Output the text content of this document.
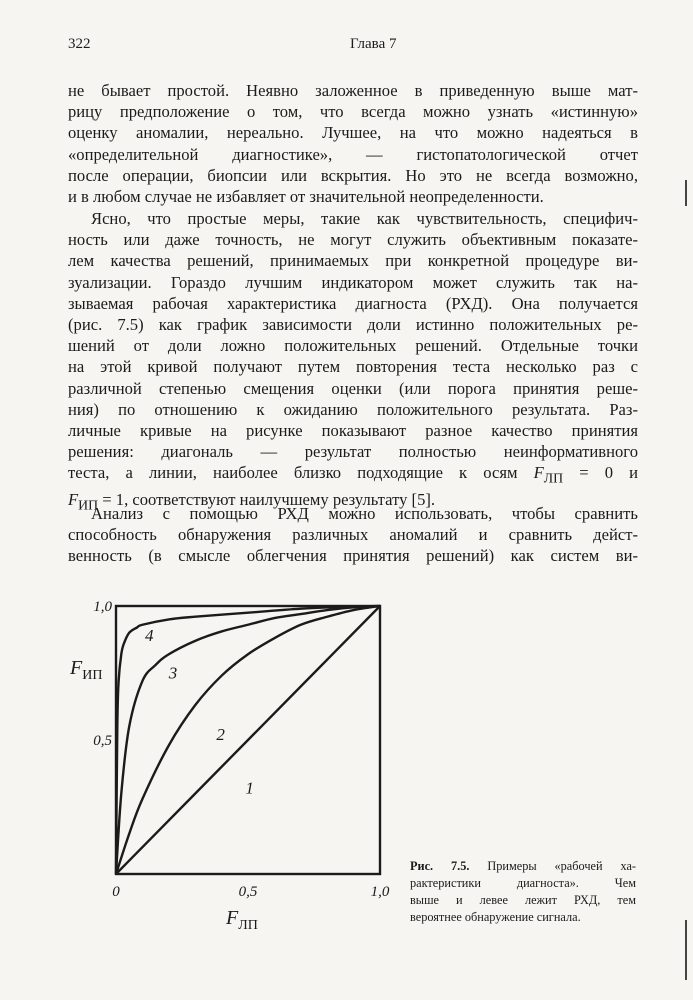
322	Глава 7
не бывает простой. Неявно заложенное в приведенную выше мат-
рицу предположение о том, что всегда можно узнать «истинную»
оценку аномалии, нереально. Лучшее, на что можно надеяться в
«определительной диагностике», — гистопатологической отчет
после операции, биопсии или вскрытия. Но это не всегда возможно,
и в любом случае не избавляет от значительной неопределенности.
Ясно, что простые меры, такие как чувствительность, специфич-
ность или даже точность, не могут служить объективным показате-
лем качества решений, принимаемых при конкретной процедуре ви-
зуализации. Гораздо лучшим индикатором может служить так на-
зываемая рабочая характеристика диагноста (РХД). Она получается
(рис. 7.5) как график зависимости доли истинно положительных ре-
шений от доли ложно положительных решений. Отдельные точки
на этой кривой получают путем повторения теста несколько раз с
различной степенью смещения оценки (или порога принятия реше-
ния) по отношению к ожиданию положительного результата. Раз-
личные кривые на рисунке показывают разное качество принятия
решения: диагональ — результат полностью неинформативного
теста, а линии, наиболее близко подходящие к осям $F_{ЛП} = 0$ и
$F_{ИП} = 1$, соответствуют наилучшему результату [5].
Анализ с помощью РХД можно использовать, чтобы сравнить
способность обнаружения различных аномалий и сравнить дейст-
венность (в смысле облегчения принятия решений) как систем ви-
1
2
3
4
0	0,5	1,0
0,5
1,0
$F_{ИП}$
$F_{ЛП}$

Рис. 7.5. Примеры «рабочей ха-
рактеристики диагноста». Чем
выше и левее лежит РХД, тем
вероятнее обнаружение сигнала.
